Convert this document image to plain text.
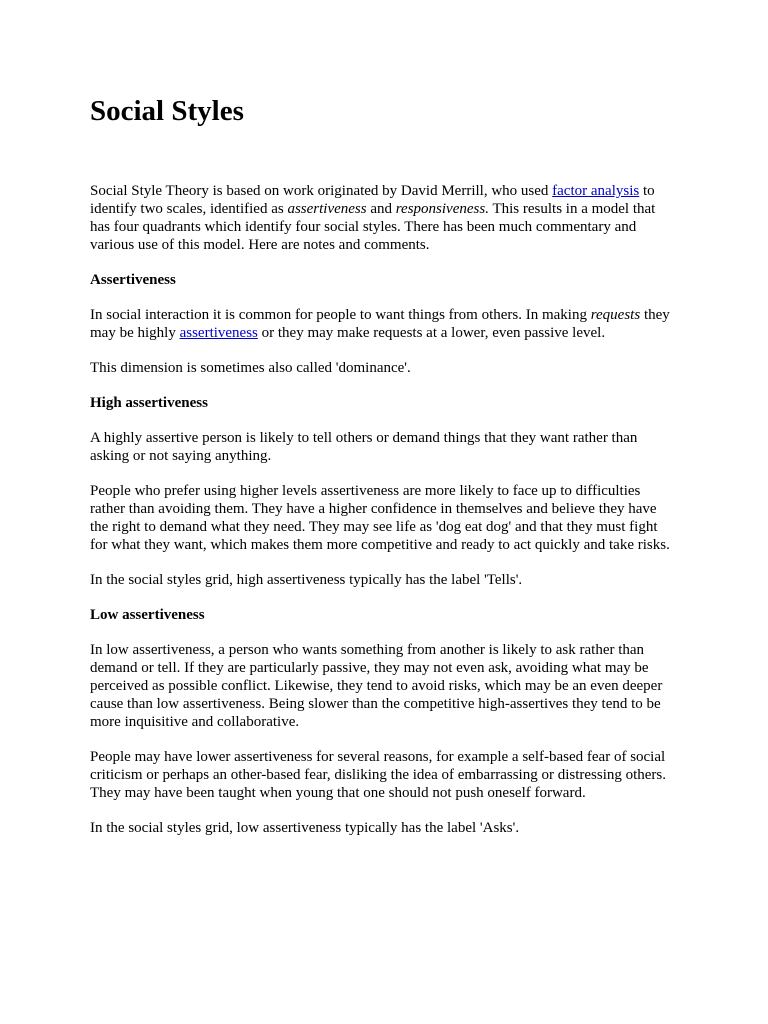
Social Styles

Social Style Theory is based on work originated by David Merrill, who used factor analysis to
identify two scales, identified as assertiveness and responsiveness. This results in a model that
has four quadrants which identify four social styles. There has been much commentary and
various use of this model. Here are notes and comments.

Assertiveness

In social interaction it is common for people to want things from others. In making requests they
may be highly assertiveness or they may make requests at a lower, even passive level.

This dimension is sometimes also called 'dominance'.

High assertiveness

A highly assertive person is likely to tell others or demand things that they want rather than
asking or not saying anything.

People who prefer using higher levels assertiveness are more likely to face up to difficulties
rather than avoiding them. They have a higher confidence in themselves and believe they have
the right to demand what they need. They may see life as 'dog eat dog' and that they must fight
for what they want, which makes them more competitive and ready to act quickly and take risks.

In the social styles grid, high assertiveness typically has the label 'Tells'.

Low assertiveness

In low assertiveness, a person who wants something from another is likely to ask rather than
demand or tell. If they are particularly passive, they may not even ask, avoiding what may be
perceived as possible conflict. Likewise, they tend to avoid risks, which may be an even deeper
cause than low assertiveness. Being slower than the competitive high-assertives they tend to be
more inquisitive and collaborative.

People may have lower assertiveness for several reasons, for example a self-based fear of social
criticism or perhaps an other-based fear, disliking the idea of embarrassing or distressing others.
They may have been taught when young that one should not push oneself forward.

In the social styles grid, low assertiveness typically has the label 'Asks'.
